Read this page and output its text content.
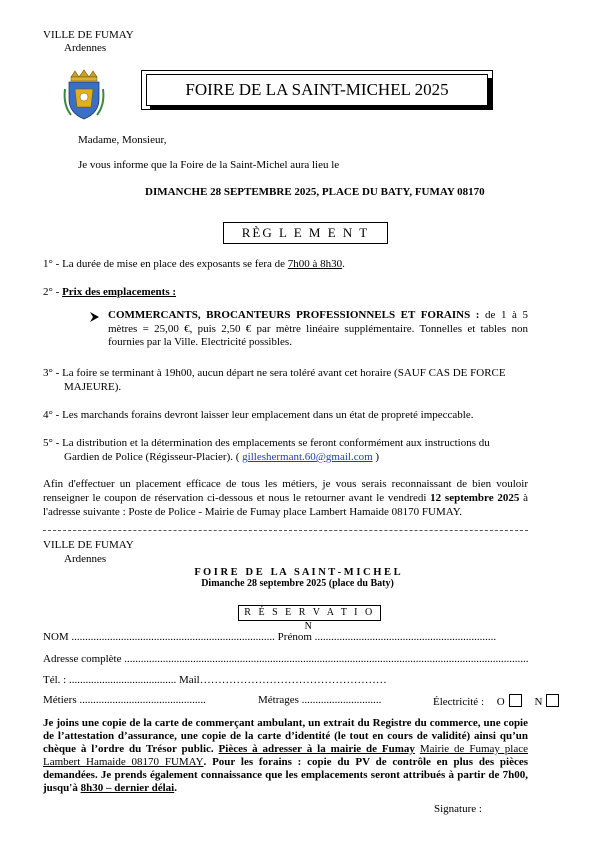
VILLE DE FUMAY
Ardennes
FOIRE DE LA SAINT-MICHEL 2025
Madame, Monsieur,
Je vous informe que la Foire de la Saint-Michel aura lieu le
DIMANCHE 28 SEPTEMBRE 2025, PLACE DU BATY, FUMAY 08170
RÈG L E M E N T
1° - La durée de mise en place des exposants se fera de 7h00 à 8h30.
2° - Prix des emplacements :
COMMERCANTS, BROCANTEURS PROFESSIONNELS ET FORAINS : de 1 à 5 mètres = 25,00 €, puis 2,50 € par mètre linéaire supplémentaire. Tonnelles et tables non fournies par la Ville. Electricité possibles.
3° - La foire se terminant à 19h00, aucun départ ne sera toléré avant cet horaire (SAUF CAS DE FORCE
MAJEURE).
4° - Les marchands forains devront laisser leur emplacement dans un état de propreté impeccable.
5° - La distribution et la détermination des emplacements se feront conformément aux instructions du
Gardien de Police (Régisseur-Placier). ( gilleshermant.60@gmail.com )
Afin d'effectuer un placement efficace de tous les métiers, je vous serais reconnaissant de bien vouloir renseigner le coupon de réservation ci-dessous et nous le retourner avant le vendredi 12 septembre 2025 à l'adresse suivante : Poste de Police - Mairie de Fumay place Lambert Hamaide 08170 FUMAY.
VILLE DE FUMAY
Ardennes
F O I R E   D E   L A   S A I N T - M I C H E L
Dimanche 28 septembre 2025 (place du Baty)
R É S E R V A T I O N
NOM .......................................................................... Prénom ..................................................................
Adresse complète ...................................................................................................................................................
Tél. : ....................................... Mail……………………………………………
Métiers ..............................................	Métrages .............................	Électricité : O	N
Je joins une copie de la carte de commerçant ambulant, un extrait du Registre du commerce, une copie de l’attestation d’assurance, une copie de la carte d’identité (le tout en cours de validité) ainsi qu’un chèque à l’ordre du Trésor public. Pièces à adresser à la mairie de Fumay Mairie de Fumay place Lambert Hamaide 08170 FUMAY. Pour les forains : copie du PV de contrôle en plus des pièces demandées. Je prends également connaissance que les emplacements seront attribués à partir de 7h00, jusqu'à 8h30 – dernier délai.
Signature :
